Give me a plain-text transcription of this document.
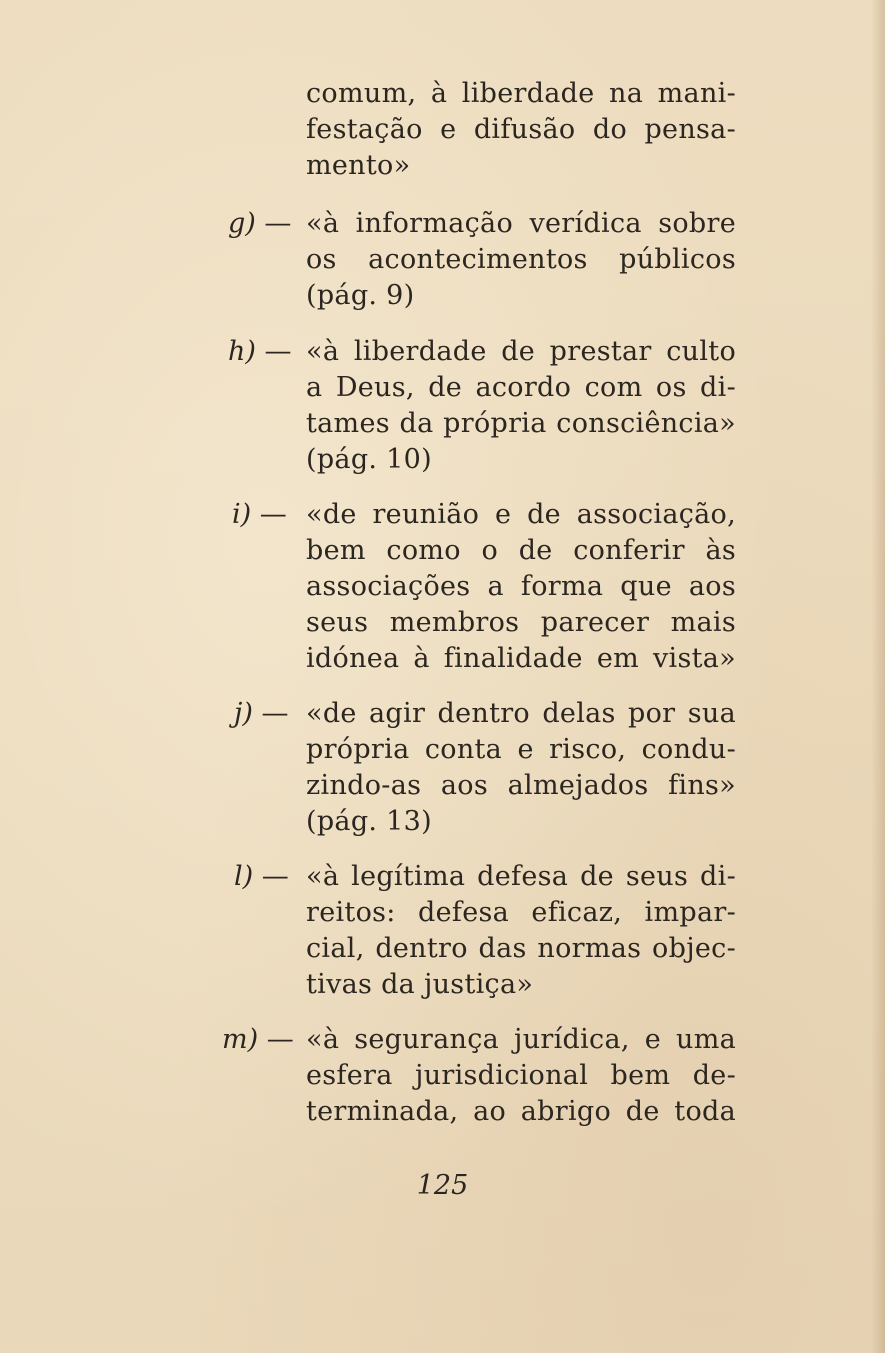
comum, à liberdade na mani-
festação e difusão do pensa-
mento»
g) — «à informação verídica sobre
os acontecimentos públicos
(pág. 9)
h) — «à liberdade de prestar culto
a Deus, de acordo com os di-
tames da própria consciência»
(pág. 10)
i) — «de reunião e de associação,
bem como o de conferir às
associações a forma que aos
seus membros parecer mais
idónea à finalidade em vista»
j) — «de agir dentro delas por sua
própria conta e risco, condu-
zindo-as aos almejados fins»
(pág. 13)
l) — «à legítima defesa de seus di-
reitos: defesa eficaz, impar-
cial, dentro das normas objec-
tivas da justiça»
m) — «à segurança jurídica, e uma
esfera jurisdicional bem de-
terminada, ao abrigo de toda
125
